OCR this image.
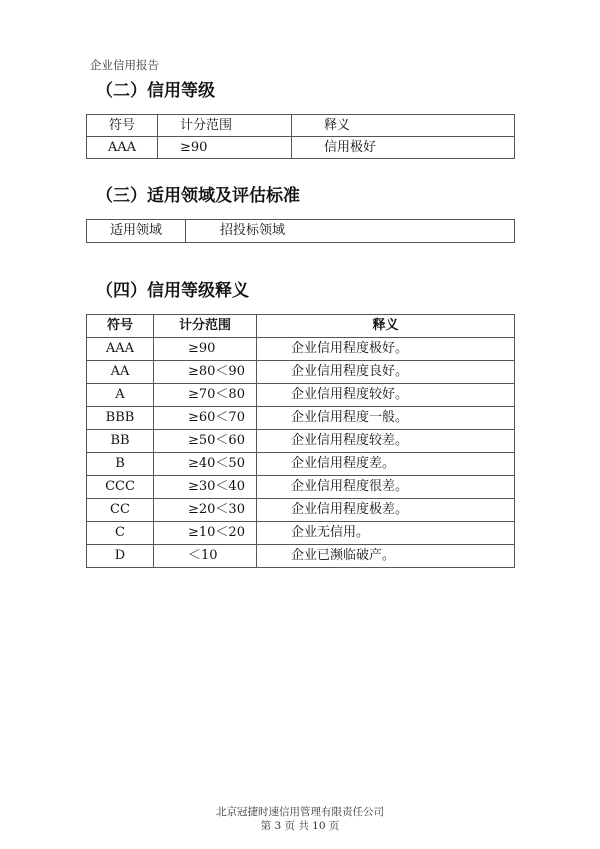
企业信用报告
（二）信用等级
符号	计分范围	释义
AAA	≥90	信用极好
（三）适用领域及评估标准
适用领域	招投标领域
（四）信用等级释义
符号	计分范围	释义
AAA	≥90	企业信用程度极好。
AA	≥80＜90	企业信用程度良好。
A	≥70＜80	企业信用程度较好。
BBB	≥60＜70	企业信用程度一般。
BB	≥50＜60	企业信用程度较差。
B	≥40＜50	企业信用程度差。
CCC	≥30＜40	企业信用程度很差。
CC	≥20＜30	企业信用程度极差。
C	≥10＜20	企业无信用。
D	＜10	企业已濒临破产。
北京冠捷时速信用管理有限责任公司
第 3 页 共 10 页
